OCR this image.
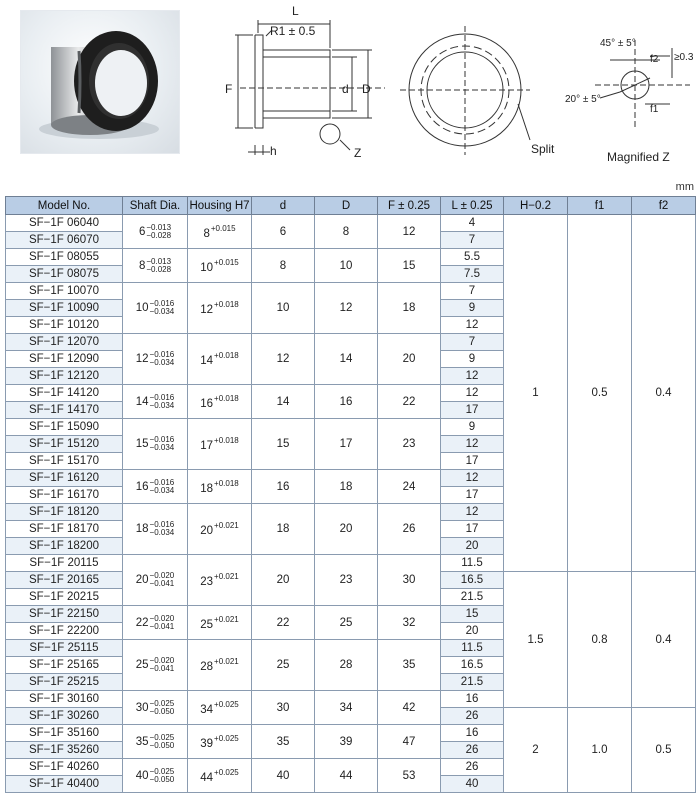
L
R1 ± 0.5
F	d D
h	Z	Split
Magnified Z
45° ± 5°
20° ± 5°
f2
f1
≥0.3
mm
Model No.	Shaft Dia.	Housing H7	d	D	F ± 0.25	L ± 0.25	H−0.2	f1	f2
SF−1F 06040	6 −0.013
−0.028	$8^{+0.015}$	6	8	12	4	1	0.5	0.4
SF−1F 06070						7			
SF−1F 08055	8 −0.013
−0.028	$10^{+0.015}$	8	10	15	5.5			
SF−1F 08075						7.5			
SF−1F 10070	10 −0.016
−0.034	$12^{+0.018}$	10	12	18	7			
SF−1F 10090						9			
SF−1F 10120						12			
SF−1F 12070	12 −0.016
−0.034	$14^{+0.018}$	12	14	20	7			
SF−1F 12090						9			
SF−1F 12120						12			
SF−1F 14120	14 −0.016
−0.034	$16^{+0.018}$	14	16	22	12			
SF−1F 14170						17			
SF−1F 15090	15 −0.016
−0.034	$17^{+0.018}$	15	17	23	9			
SF−1F 15120						12			
SF−1F 15170						17			
SF−1F 16120	16 −0.016
−0.034	$18^{+0.018}$	16	18	24	12			
SF−1F 16170						17			
SF−1F 18120	18 −0.016
−0.034	$20^{+0.021}$	18	20	26	12			
SF−1F 18170						17			
SF−1F 18200						20			
SF−1F 20115	20 −0.020
−0.041	$23^{+0.021}$	20	23	30	11.5			
SF−1F 20165						16.5	1.5	0.8	0.4
SF−1F 20215						21.5			
SF−1F 22150	22 −0.020
−0.041	$25^{+0.021}$	22	25	32	15			
SF−1F 22200						20			
SF−1F 25115	25 −0.020
−0.041	$28^{+0.021}$	25	28	35	11.5			
SF−1F 25165						16.5			
SF−1F 25215						21.5			
SF−1F 30160	30 −0.025
−0.050	$34^{+0.025}$	30	34	42	16			
SF−1F 30260						26	2	1.0	0.5
SF−1F 35160	35 −0.025
−0.050	$39^{+0.025}$	35	39	47	16			
SF−1F 35260						26			
SF−1F 40260	40 −0.025
−0.050	$44^{+0.025}$	40	44	53	26			
SF−1F 40400						40			
